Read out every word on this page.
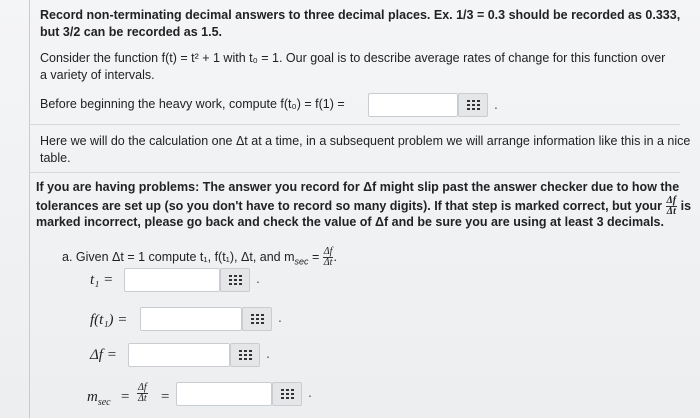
Record non-terminating decimal answers to three decimal places. Ex. 1/3 = 0.3 should be recorded as 0.333,
but 3/2 can be recorded as 1.5.
Consider the function f(t) = t² + 1 with t₀ = 1. Our goal is to describe average rates of change for this function over
a variety of intervals.
Before beginning the heavy work, compute f(t₀) = f(1) =	.
Here we will do the calculation one Δt at a time, in a subsequent problem we will arrange information like this in a nice
table.
If you are having problems: The answer you record for Δf might slip past the answer checker due to how the
tolerances are set up (so you don't have to record so many digits). If that step is marked correct, but your $\frac{\Delta f}{\Delta t}$ is
marked incorrect, please go back and check the value of Δf and be sure you are using at least 3 decimals.
a. Given Δt = 1 compute t₁, f(t₁), Δt, and $m_{sec} = \frac{\Delta f}{\Delta t}$ .
t₁ =	.
f(t₁) =	.
Δf =	.
$m_{sec} = \frac{\Delta f}{\Delta t}$ =	.
